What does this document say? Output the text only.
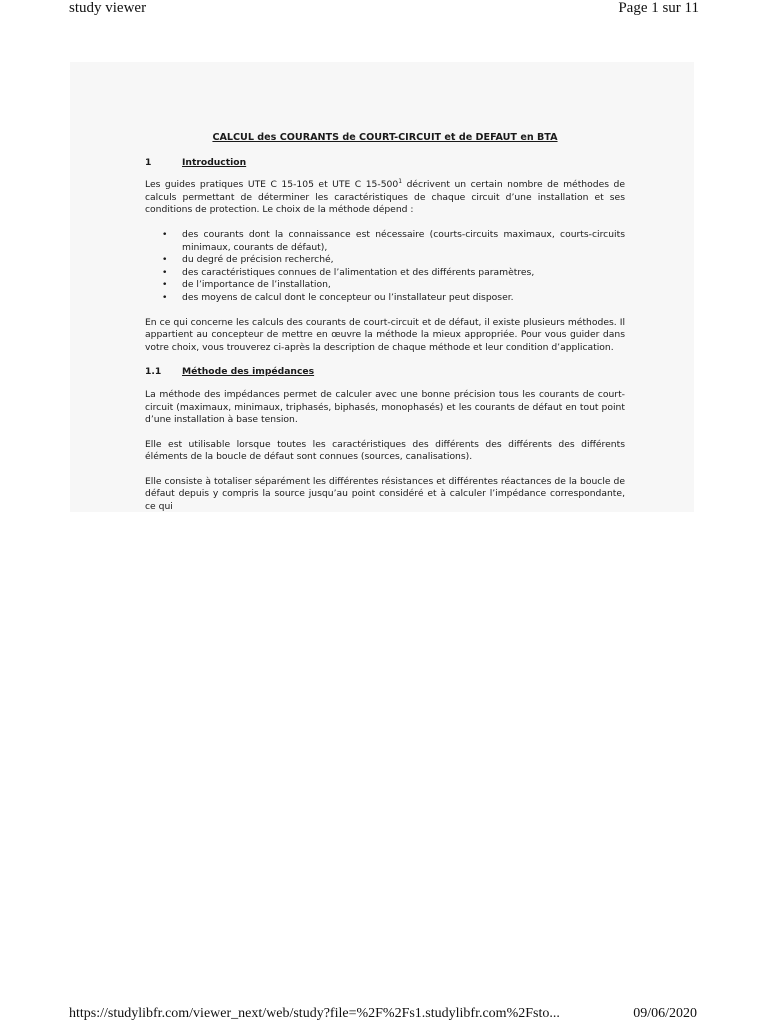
study viewer	Page 1 sur 11
CALCUL des COURANTS de COURT-CIRCUIT et de DEFAUT en BTA
1	Introduction

Les guides pratiques UTE C 15-105 et UTE C $15-500^1$ décrivent un certain nombre de méthodes de calculs permettant de déterminer les caractéristiques de chaque circuit d’une installation et ses conditions de protection. Le choix de la méthode dépend :

• des courants dont la connaissance est nécessaire (courts-circuits maximaux, courts-circuits minimaux, courants de défaut),
• du degré de précision recherché,
• des caractéristiques connues de l’alimentation et des différents paramètres,
• de l’importance de l’installation,
• des moyens de calcul dont le concepteur ou l’installateur peut disposer.

En ce qui concerne les calculs des courants de court-circuit et de défaut, il existe plusieurs méthodes. Il appartient au concepteur de mettre en œuvre la méthode la mieux appropriée. Pour vous guider dans votre choix, vous trouverez ci-après la description de chaque méthode et leur condition d’application.

1.1	Méthode des impédances

La méthode des impédances permet de calculer avec une bonne précision tous les courants de court-circuit (maximaux, minimaux, triphasés, biphasés, monophasés) et les courants de défaut en tout point d’une installation à base tension.

Elle est utilisable lorsque toutes les caractéristiques des différents des différents des différents éléments de la boucle de défaut sont connues (sources, canalisations).

Elle consiste à totaliser séparément les différentes résistances et différentes réactances de la boucle de défaut depuis y compris la source jusqu’au point considéré et à calculer l’impédance correspondante, ce qui

https://studylibfr.com/viewer_next/web/study?file=%2F%2Fs1.studylibfr.com%2Fsto...	09/06/2020
